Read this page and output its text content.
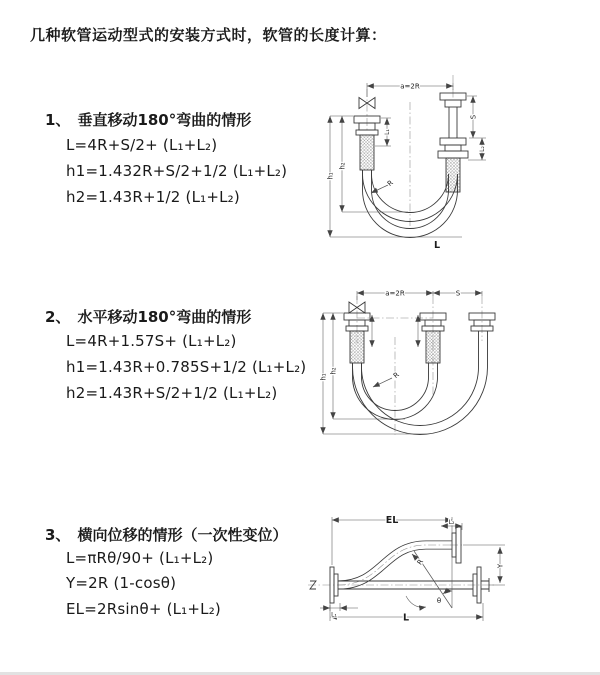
几种软管运动型式的安装方式时，软管的长度计算：
1、 垂直移动180°弯曲的情形
L=4R+S/2+ (L₁+L₂)
h1=1.432R+S/2+1/2 (L₁+L₂)
h2=1.43R+1/2 (L₁+L₂)
2、 水平移动180°弯曲的情形
L=4R+1.57S+ (L₁+L₂)
h1=1.43R+0.785S+1/2 (L₁+L₂)
h2=1.43R+S/2+1/2 (L₁+L₂)
3、 横向位移的情形（一次性变位）
L=πRθ/90+ (L₁+L₂)
Y=2R (1-cosθ)
EL=2Rsinθ+ (L₁+L₂)
a=2R
h₁
h₂
L₁
S
L₂
R
L
a=2R	S
h₁
h₂	R
EL	L₂
Y
L
L₁
R
θ
